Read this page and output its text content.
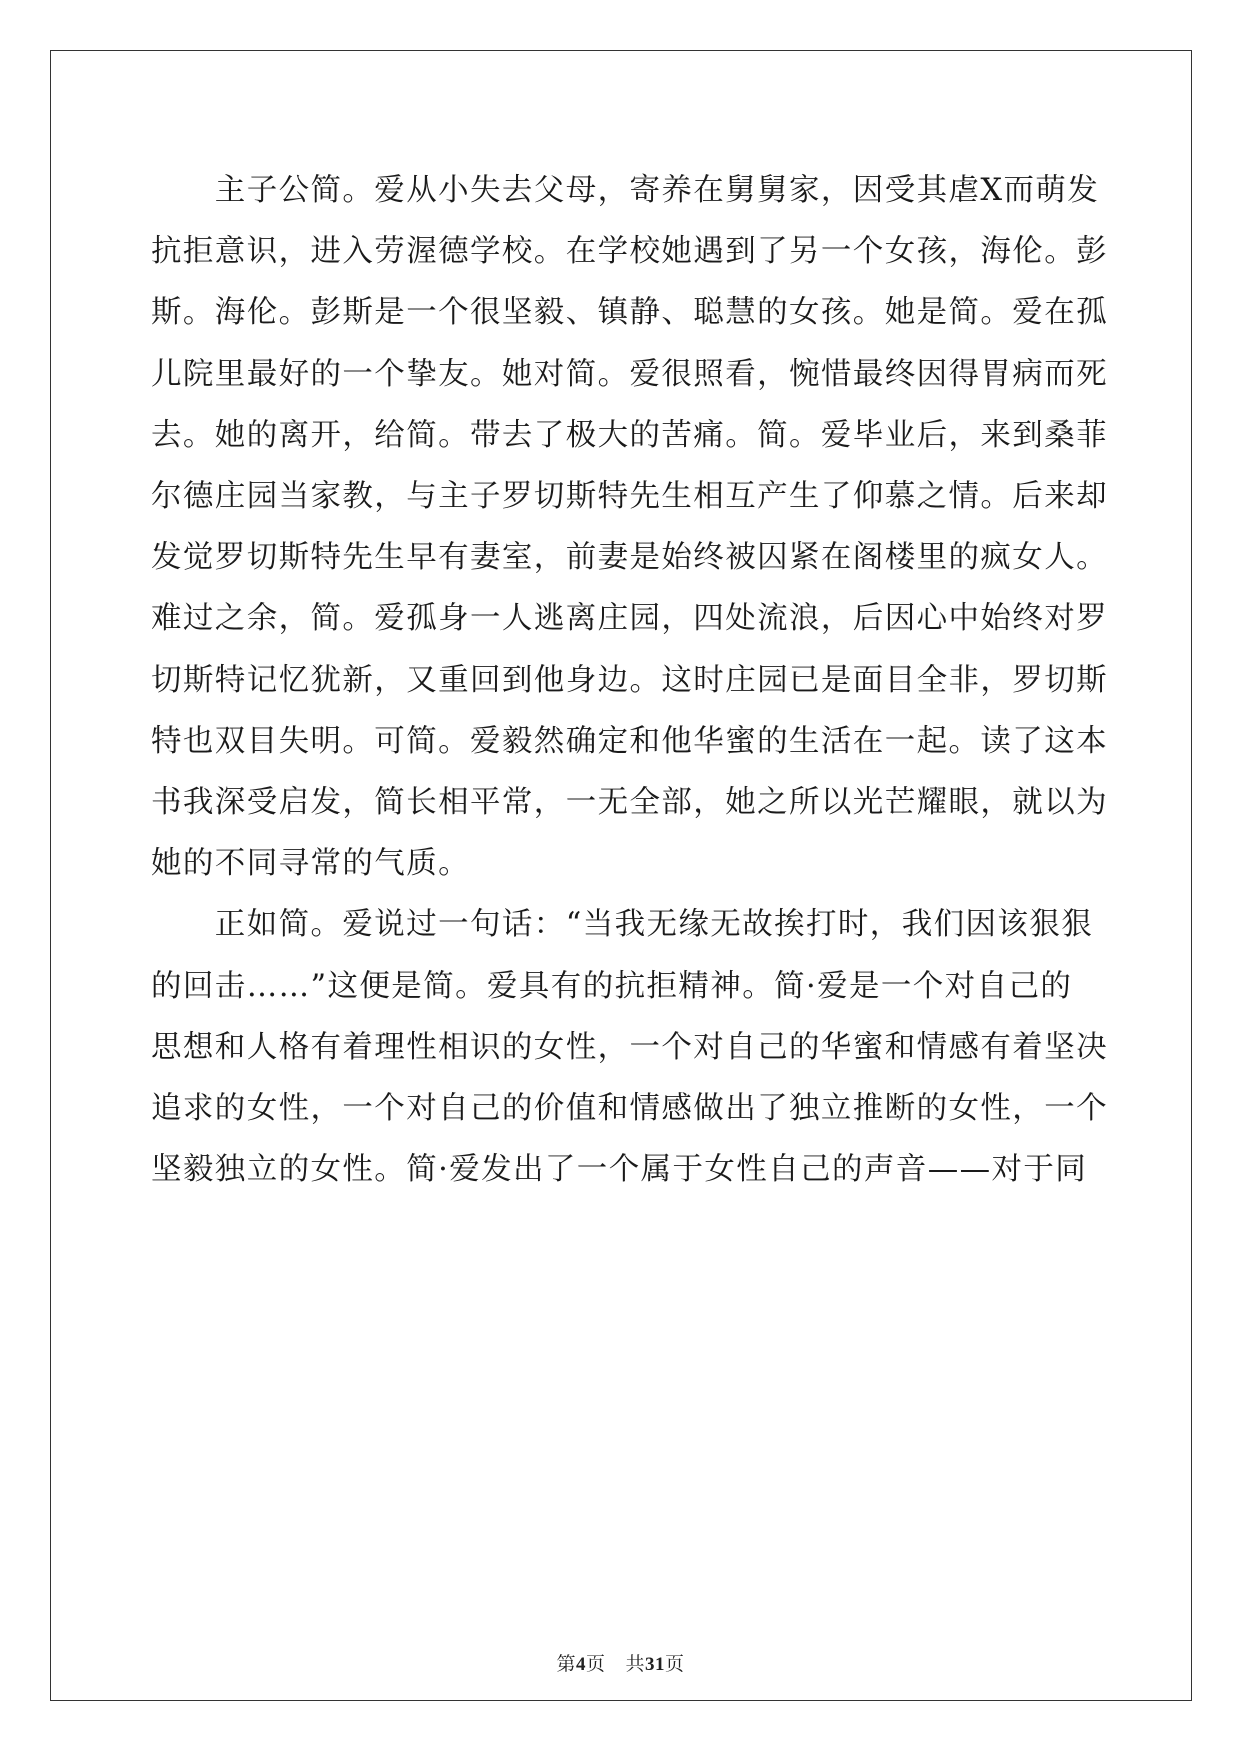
　　主子公简。爱从小失去父母，寄养在舅舅家，因受其虐X而萌发
抗拒意识，进入劳渥德学校。在学校她遇到了另一个女孩，海伦。彭
斯。海伦。彭斯是一个很坚毅、镇静、聪慧的女孩。她是简。爱在孤
儿院里最好的一个挚友。她对简。爱很照看，惋惜最终因得胃病而死
去。她的离开，给简。带去了极大的苦痛。简。爱毕业后，来到桑菲
尔德庄园当家教，与主子罗切斯特先生相互产生了仰慕之情。后来却
发觉罗切斯特先生早有妻室，前妻是始终被囚紧在阁楼里的疯女人。
难过之余，简。爱孤身一人逃离庄园，四处流浪，后因心中始终对罗
切斯特记忆犹新，又重回到他身边。这时庄园已是面目全非，罗切斯
特也双目失明。可简。爱毅然确定和他华蜜的生活在一起。读了这本
书我深受启发，简长相平常，一无全部，她之所以光芒耀眼，就以为
她的不同寻常的气质。

　　正如简。爱说过一句话：“当我无缘无故挨打时，我们因该狠狠
的回击……”这便是简。爱具有的抗拒精神。简·爱是一个对自己的
思想和人格有着理性相识的女性，一个对自己的华蜜和情感有着坚决
追求的女性，一个对自己的价值和情感做出了独立推断的女性，一个
坚毅独立的女性。简·爱发出了一个属于女性自己的声音——对于同

第4页 共31页
